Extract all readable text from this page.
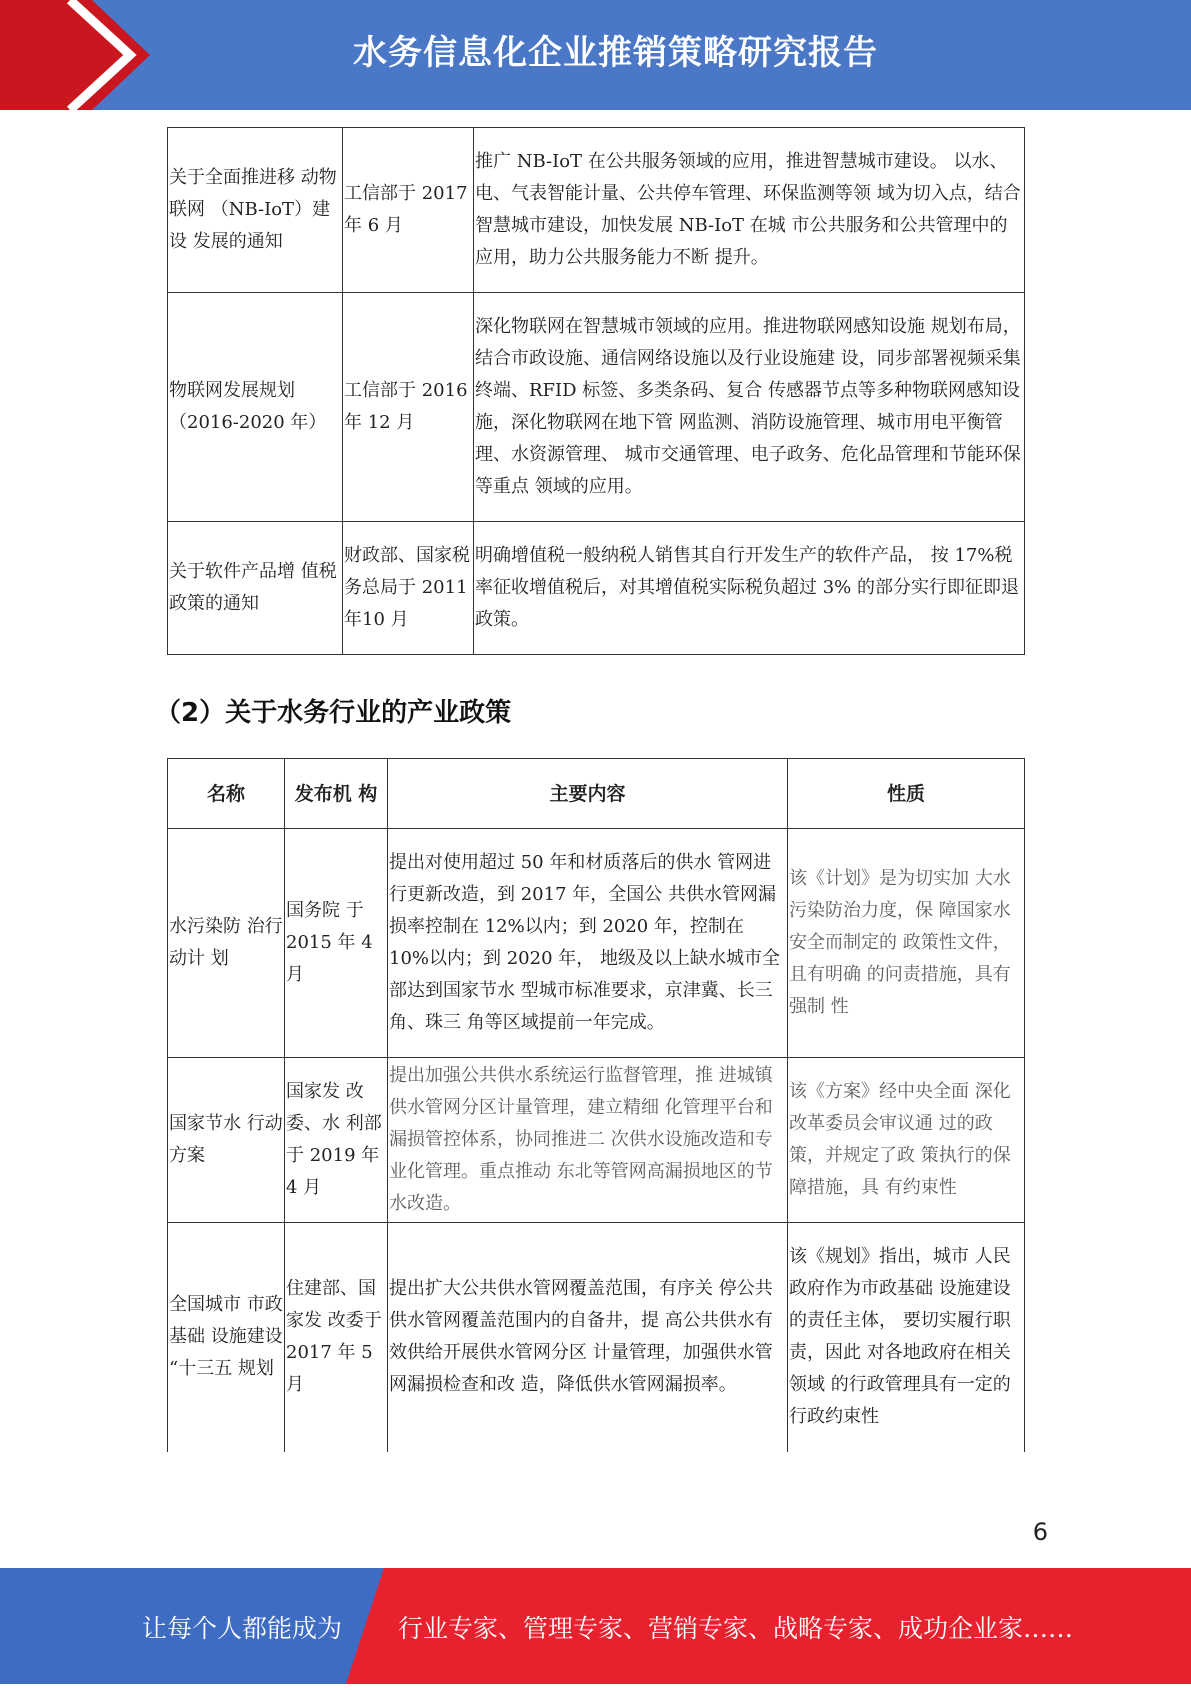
水务信息化企业推销策略研究报告
关于全面推进移 动物联网 （NB-IoT）建设 发展的通知	工信部于 2017 年 6 月	推广 NB-IoT 在公共服务领域的应用，推进智慧城市建设。 以水、电、气表智能计量、公共停车管理、环保监测等领 域为切入点，结合智慧城市建设，加快发展 NB-IoT 在城 市公共服务和公共管理中的应用，助力公共服务能力不断 提升。
物联网发展规划 （2016-2020 年）	工信部于 2016 年 12 月	深化物联网在智慧城市领域的应用。推进物联网感知设施 规划布局，结合市政设施、通信网络设施以及行业设施建 设，同步部署视频采集终端、RFID 标签、多类条码、复合 传感器节点等多种物联网感知设施，深化物联网在地下管 网监测、消防设施管理、城市用电平衡管理、水资源管理、 城市交通管理、电子政务、危化品管理和节能环保等重点 领域的应用。
关于软件产品增 值税政策的通知	财政部、国家税务总局于 2011 年10 月	明确增值税一般纳税人销售其自行开发生产的软件产品， 按 17%税率征收增值税后，对其增值税实际税负超过 3% 的部分实行即征即退政策。
（2）关于水务行业的产业政策
名称	发布机 构	主要内容	性质
水污染防 治行动计 划	国务院 于 2015 年 4 月	提出对使用超过 50 年和材质落后的供水 管网进行更新改造，到 2017 年，全国公 共供水管网漏损率控制在 12%以内；到 2020 年，控制在 10%以内；到 2020 年， 地级及以上缺水城市全部达到国家节水 型城市标准要求，京津冀、长三角、珠三 角等区域提前一年完成。	该《计划》是为切实加 大水污染防治力度，保 障国家水安全而制定的 政策性文件，且有明确 的问责措施，具有强制 性
国家节水 行动方案	国家发 改委、水 利部于 2019 年 4 月	提出加强公共供水系统运行监督管理，推 进城镇供水管网分区计量管理，建立精细 化管理平台和漏损管控体系，协同推进二 次供水设施改造和专业化管理。重点推动 东北等管网高漏损地区的节水改造。	该《方案》经中央全面 深化改革委员会审议通 过的政策，并规定了政 策执行的保障措施，具 有约束性
全国城市 市政基础 设施建设 “十三五 规划	住建部、国家发 改委于 2017 年 5 月	提出扩大公共供水管网覆盖范围，有序关 停公共供水管网覆盖范围内的自备井，提 高公共供水有效供给开展供水管网分区 计量管理，加强供水管网漏损检查和改 造，降低供水管网漏损率。	该《规划》指出，城市 人民政府作为市政基础 设施建设的责任主体， 要切实履行职责，因此 对各地政府在相关领域 的行政管理具有一定的 行政约束性
6
让每个人都能成为 行业专家、管理专家、营销专家、战略专家、成功企业家……
